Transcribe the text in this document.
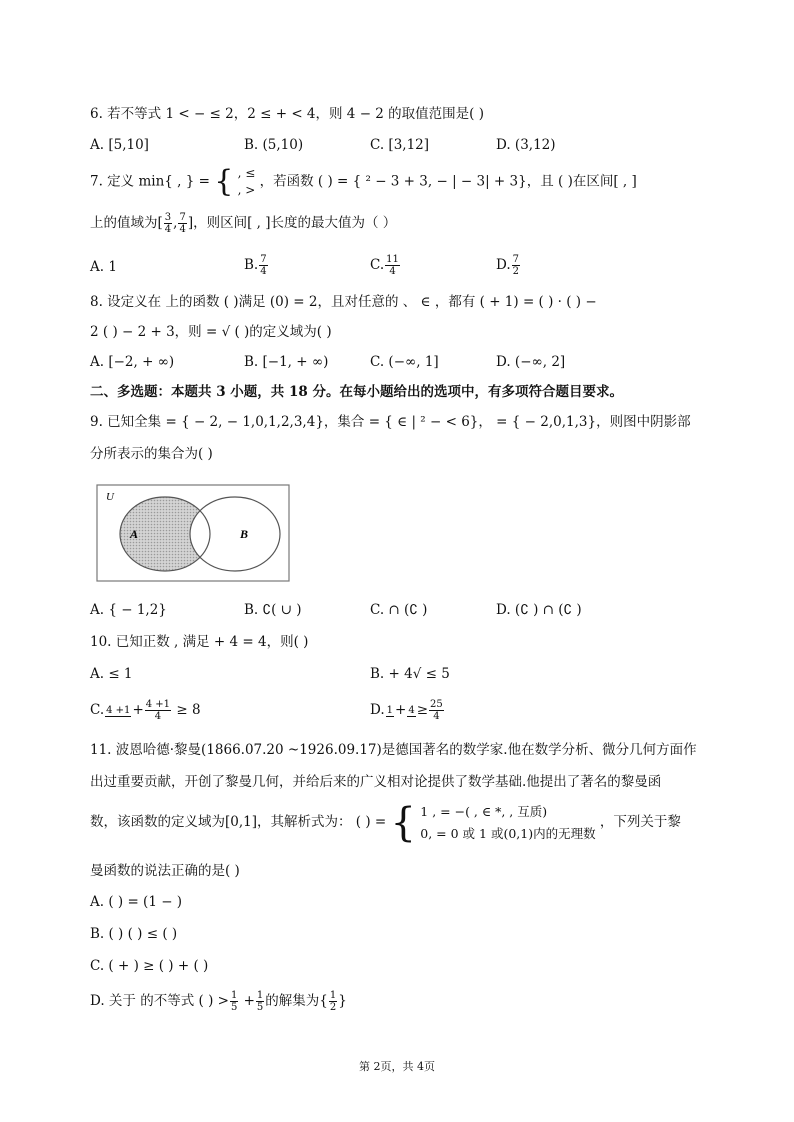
6. 若不等式 1 < − ≤ 2，2 ≤ + < 4，则 4 − 2 的取值范围是( )
A. [5,10]	B. (5,10)	C. [3,12]	D. (3,12)
7. 定义 min{ , } = { , ≤
, >
，若函数 ( ) = { ² − 3 + 3, − | − 3| + 3}，且 ( )在区间[ , ]
上的值域为[ $\frac{3}{4}$ , $\frac{7}{4}$ ]，则区间[ , ]长度的最大值为（ ）
A. 1	B. $\frac{7}{4}$	C. $\frac{11}{4}$	D. $\frac{7}{2}$
8. 设定义在 上的函数 ( )满足 (0) = 2，且对任意的 、 ∈ ，都有 ( + 1) = ( ) · ( ) −
2 ( ) − 2 + 3，则 = √ ( )的定义域为( )
A. [−2, + ∞)	B. [−1, + ∞)	C. (−∞, 1]	D. (−∞, 2]
二、多选题：本题共 3 小题，共 18 分。在每小题给出的选项中，有多项符合题目要求。
9. 已知全集 = { − 2, − 1,0,1,2,3,4}，集合 = { ∈ | ² − < 6}， = { − 2,0,1,3}，则图中阴影部
分所表示的集合为( )
U
A	B
A. { − 1,2}	B. ∁( ∪ )	C. ∩ (∁ )	D. (∁ ) ∩ (∁ )
10. 已知正数 , 满足 + 4 = 4，则( )
A. ≤ 1	B. + 4√ ≤ 5
C. $4 +1 + \frac{4 +1}{4} \ge 8$	D. $1 + 4 \ge \frac{25}{4}$
11. 波恩哈德·黎曼(1866.07.20 ~1926.09.17)是德国著名的数学家.他在数学分析、微分几何方面作
出过重要贡献，开创了黎曼几何，并给后来的广义相对论提供了数学基础.他提出了著名的黎曼函
数，该函数的定义域为[0,1]，其解析式为： ( ) = { 1 , = −( , ∈ *, , 互质)
0, = 0 或 1 或(0,1)内的无理数
，下列关于黎
曼函数的说法正确的是( )
A. ( ) = (1 − )
B. ( ) ( ) ≤ ( )
C. ( + ) ≥ ( ) + ( )
D. 关于 的不等式 ( ) > $\frac{1}{5} + \frac{1}{5}$ 的解集为{ $\frac{1}{2}$ }
第 2页，共 4页
